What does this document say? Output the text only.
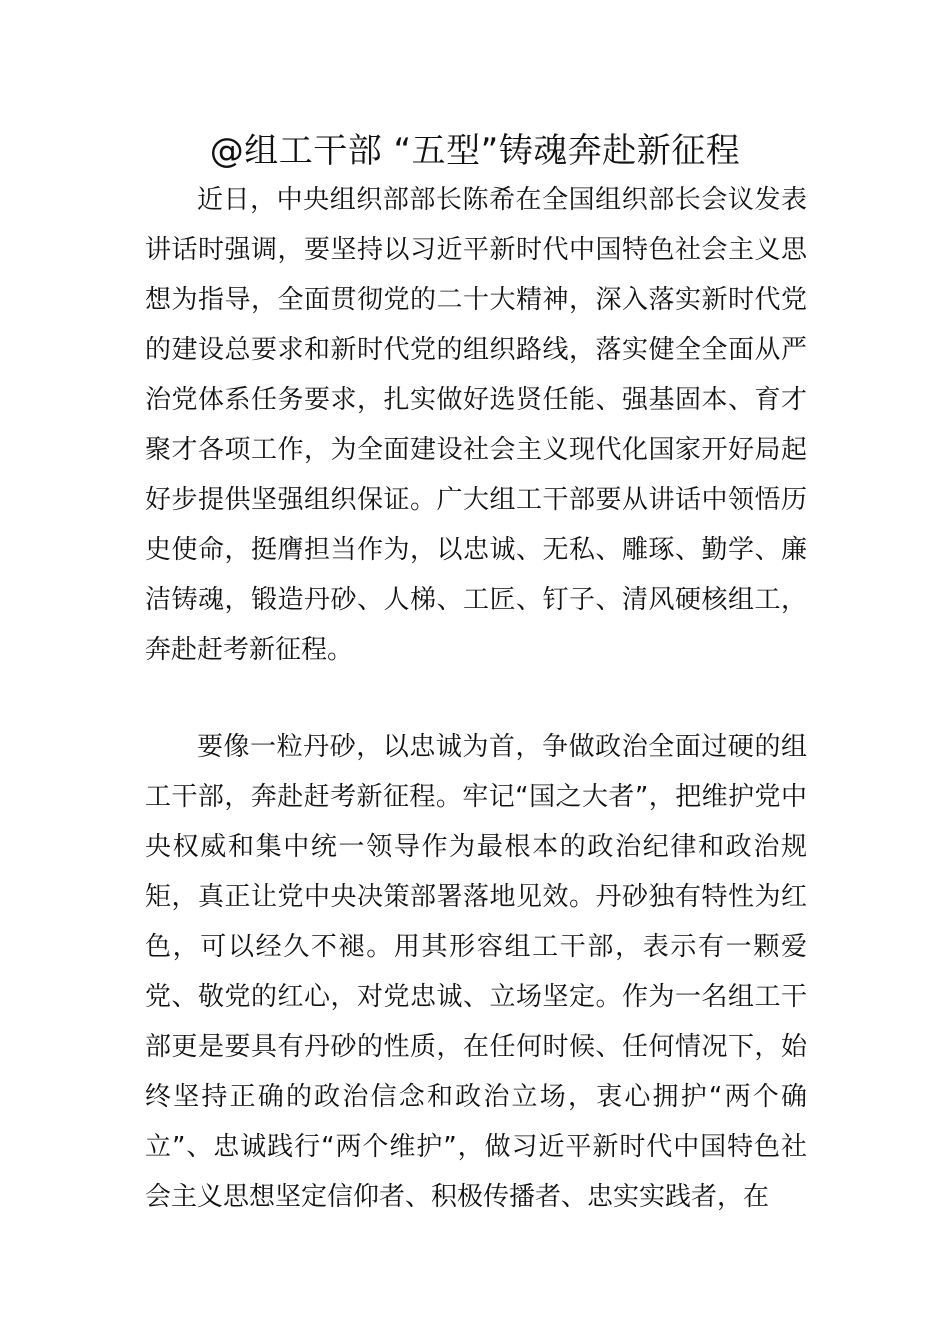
@组工干部 “五型”铸魂奔赴新征程

近日，中央组织部部长陈希在全国组织部长会议发表讲话时强调，要坚持以习近平新时代中国特色社会主义思想为指导，全面贯彻党的二十大精神，深入落实新时代党的建设总要求和新时代党的组织路线，落实健全全面从严治党体系任务要求，扎实做好选贤任能、强基固本、育才聚才各项工作，为全面建设社会主义现代化国家开好局起好步提供坚强组织保证。广大组工干部要从讲话中领悟历史使命，挺膺担当作为，以忠诚、无私、雕琢、勤学、廉洁铸魂，锻造丹砂、人梯、工匠、钉子、清风硬核组工，奔赴赶考新征程。

要像一粒丹砂，以忠诚为首，争做政治全面过硬的组工干部，奔赴赶考新征程。牢记“国之大者”，把维护党中央权威和集中统一领导作为最根本的政治纪律和政治规矩，真正让党中央决策部署落地见效。丹砂独有特性为红色，可以经久不褪。用其形容组工干部，表示有一颗爱党、敬党的红心，对党忠诚、立场坚定。作为一名组工干部更是要具有丹砂的性质，在任何时候、任何情况下，始终坚持正确的政治信念和政治立场，衷心拥护“两个确立”、忠诚践行“两个维护”，做习近平新时代中国特色社会主义思想坚定信仰者、积极传播者、忠实实践者，在
